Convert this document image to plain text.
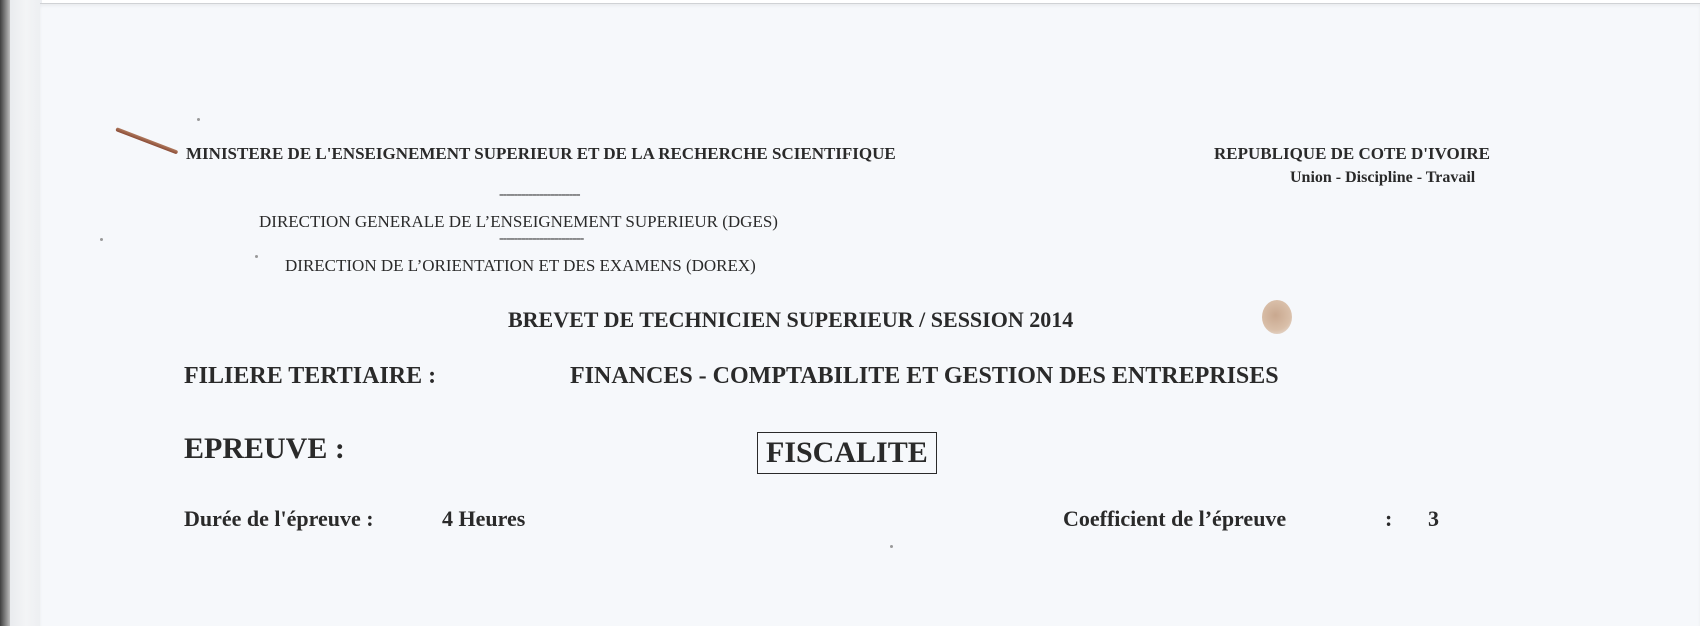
MINISTERE DE L'ENSEIGNEMENT SUPERIEUR ET DE LA RECHERCHE SCIENTIFIQUE	REPUBLIQUE DE COTE D'IVOIRE
Union - Discipline - Travail
----------------------
DIRECTION GENERALE DE L’ENSEIGNEMENT SUPERIEUR (DGES)
-----------------------
DIRECTION DE L’ORIENTATION ET DES EXAMENS (DOREX)
BREVET DE TECHNICIEN SUPERIEUR / SESSION 2014
FILIERE TERTIAIRE :	FINANCES - COMPTABILITE ET GESTION DES ENTREPRISES
EPREUVE :	FISCALITE
Durée de l'épreuve :	4 Heures	Coefficient de l’épreuve	: 3
